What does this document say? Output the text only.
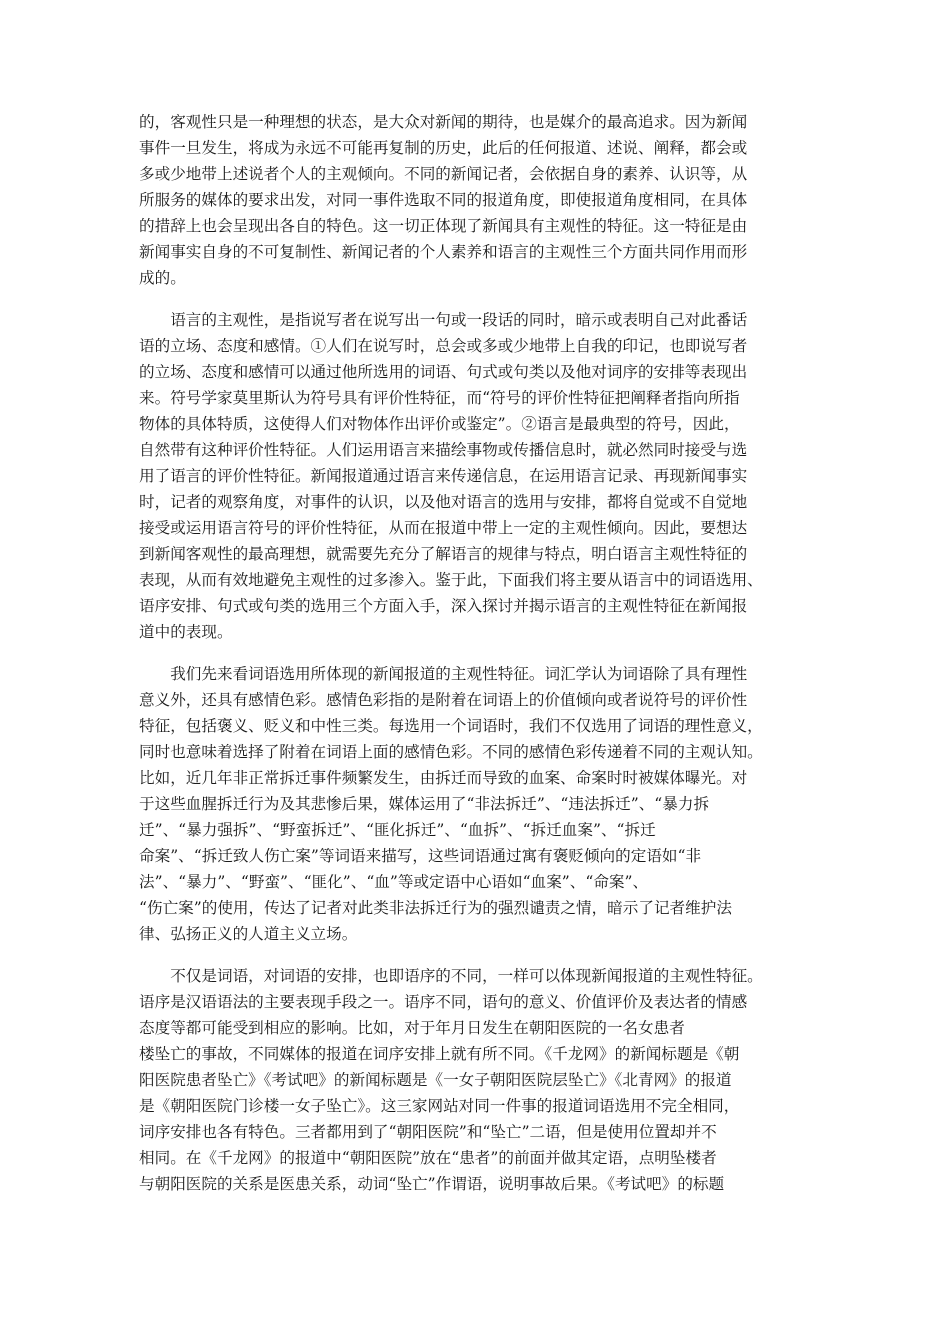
的，客观性只是一种理想的状态，是大众对新闻的期待，也是媒介的最高追求。因为新闻
事件一旦发生，将成为永远不可能再复制的历史，此后的任何报道、述说、阐释，都会或
多或少地带上述说者个人的主观倾向。不同的新闻记者，会依据自身的素养、认识等，从
所服务的媒体的要求出发，对同一事件选取不同的报道角度，即使报道角度相同，在具体
的措辞上也会呈现出各自的特色。这一切正体现了新闻具有主观性的特征。这一特征是由
新闻事实自身的不可复制性、新闻记者的个人素养和语言的主观性三个方面共同作用而形
成的。
　　语言的主观性，是指说写者在说写出一句或一段话的同时，暗示或表明自己对此番话
语的立场、态度和感情。①人们在说写时，总会或多或少地带上自我的印记，也即说写者
的立场、态度和感情可以通过他所选用的词语、句式或句类以及他对词序的安排等表现出
来。符号学家莫里斯认为符号具有评价性特征，而“符号的评价性特征把阐释者指向所指
物体的具体特质，这使得人们对物体作出评价或鉴定”。②语言是最典型的符号，因此，
自然带有这种评价性特征。人们运用语言来描绘事物或传播信息时，就必然同时接受与选
用了语言的评价性特征。新闻报道通过语言来传递信息，在运用语言记录、再现新闻事实
时，记者的观察角度，对事件的认识，以及他对语言的选用与安排，都将自觉或不自觉地
接受或运用语言符号的评价性特征，从而在报道中带上一定的主观性倾向。因此，要想达
到新闻客观性的最高理想，就需要先充分了解语言的规律与特点，明白语言主观性特征的
表现，从而有效地避免主观性的过多渗入。鉴于此，下面我们将主要从语言中的词语选用、
语序安排、句式或句类的选用三个方面入手，深入探讨并揭示语言的主观性特征在新闻报
道中的表现。
　　我们先来看词语选用所体现的新闻报道的主观性特征。词汇学认为词语除了具有理性
意义外，还具有感情色彩。感情色彩指的是附着在词语上的价值倾向或者说符号的评价性
特征，包括褒义、贬义和中性三类。每选用一个词语时，我们不仅选用了词语的理性意义，
同时也意味着选择了附着在词语上面的感情色彩。不同的感情色彩传递着不同的主观认知。
比如，近几年非正常拆迁事件频繁发生，由拆迁而导致的血案、命案时时被媒体曝光。对
于这些血腥拆迁行为及其悲惨后果，媒体运用了“非法拆迁”、“违法拆迁”、“暴力拆
迁”、“暴力强拆”、“野蛮拆迁”、“匪化拆迁”、“血拆”、“拆迁血案”、“拆迁
命案”、“拆迁致人伤亡案”等词语来描写，这些词语通过寓有褒贬倾向的定语如“非
法”、“暴力”、“野蛮”、“匪化”、“血”等或定语中心语如“血案”、“命案”、
“伤亡案”的使用，传达了记者对此类非法拆迁行为的强烈谴责之情，暗示了记者维护法
律、弘扬正义的人道主义立场。
　　不仅是词语，对词语的安排，也即语序的不同，一样可以体现新闻报道的主观性特征。
语序是汉语语法的主要表现手段之一。语序不同，语句的意义、价值评价及表达者的情感
态度等都可能受到相应的影响。比如，对于年月日发生在朝阳医院的一名女患者
楼坠亡的事故，不同媒体的报道在词序安排上就有所不同。《千龙网》的新闻标题是《朝
阳医院患者坠亡》《考试吧》的新闻标题是《一女子朝阳医院层坠亡》《北青网》的报道
是《朝阳医院门诊楼一女子坠亡》。这三家网站对同一件事的报道词语选用不完全相同，
词序安排也各有特色。三者都用到了“朝阳医院”和“坠亡”二语，但是使用位置却并不
相同。在《千龙网》的报道中“朝阳医院”放在“患者”的前面并做其定语，点明坠楼者
与朝阳医院的关系是医患关系，动词“坠亡”作谓语，说明事故后果。《考试吧》的标题
